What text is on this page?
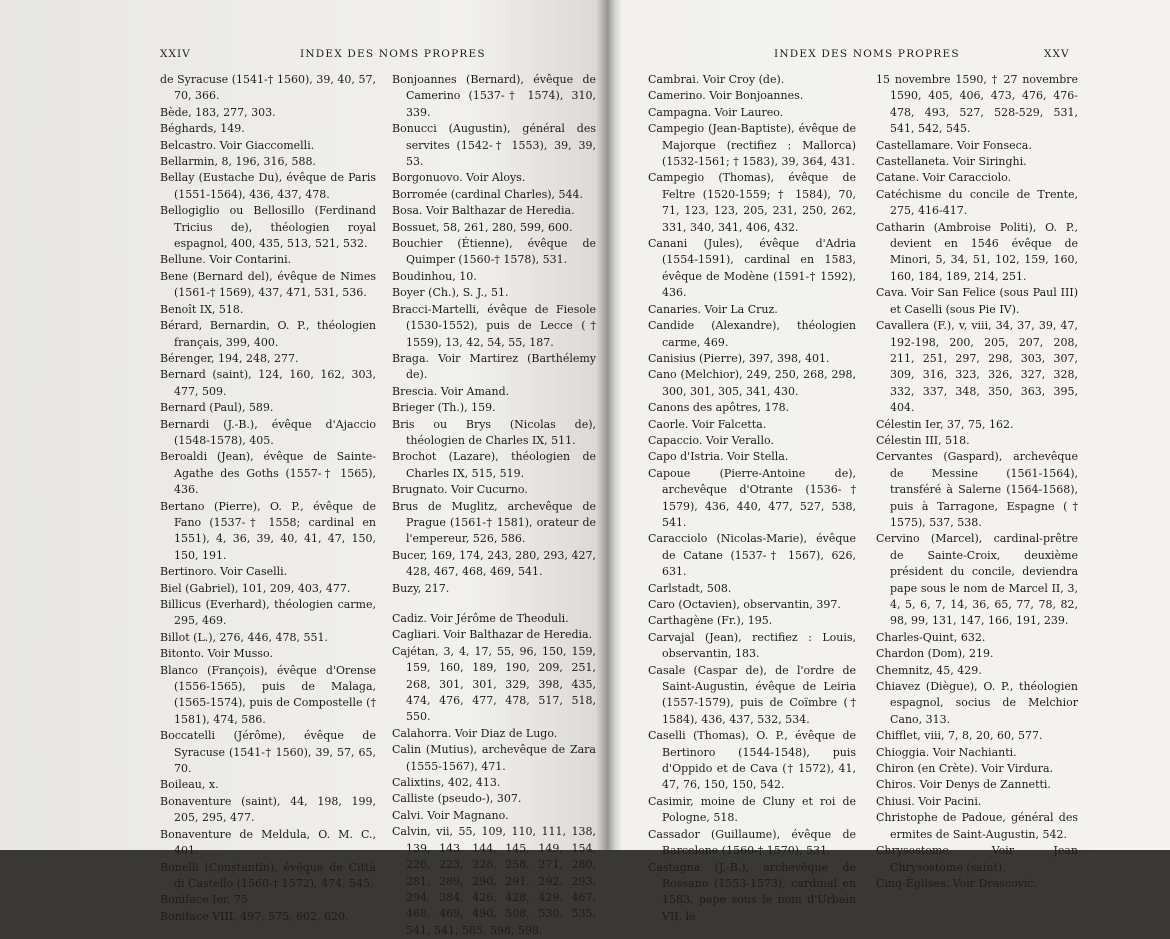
XXIV	INDEX DES NOMS PROPRES

de Syracuse (1541-† 1560), 39, 40, 57, 70, 366.

Bède, 183, 277, 303.

Béghards, 149.

Belcastro. Voir Giaccomelli.

Bellarmin, 8, 196, 316, 588.

Bellay (Eustache Du), évêque de Paris (1551-1564), 436, 437, 478.

Bellogiglio ou Bellosillo (Ferdinand Tricius de), théologien royal espagnol, 400, 435, 513, 521, 532.

Bellune. Voir Contarini.

Bene (Bernard del), évêque de Nimes (1561-† 1569), 437, 471, 531, 536.

Benoît IX, 518.

Bérard, Bernardin, O. P., théologien français, 399, 400.

Bérenger, 194, 248, 277.

Bernard (saint), 124, 160, 162, 303, 477, 509.

Bernard (Paul), 589.

Bernardi (J.-B.), évêque d'Ajaccio (1548-1578), 405.

Beroaldi (Jean), évêque de Sainte-Agathe des Goths (1557-† 1565), 436.

Bertano (Pierre), O. P., évêque de Fano (1537-† 1558; cardinal en 1551), 4, 36, 39, 40, 41, 47, 150, 150, 191.

Bertinoro. Voir Caselli.

Biel (Gabriel), 101, 209, 403, 477.

Billicus (Everhard), théologien carme, 295, 469.

Billot (L.), 276, 446, 478, 551.

Bitonto. Voir Musso.

Blanco (François), évêque d'Orense (1556-1565), puis de Malaga, (1565-1574), puis de Compostelle († 1581), 474, 586.

Boccatelli (Jérôme), évêque de Syracuse (1541-† 1560), 39, 57, 65, 70.

Boileau, x.

Bonaventure (saint), 44, 198, 199, 205, 295, 477.

Bonaventure de Meldula, O. M. C., 401.

Bonelli (Constantin), évêque de Città di Castello (1560-† 1572), 474, 545.

Boniface Ier, 75

Boniface VIII, 497, 575, 602, 620.

Bonjoannes (Bernard), évêque de Camerino (1537-† 1574), 310, 339.

Bonucci (Augustin), général des servites (1542-† 1553), 39, 39, 53.

Borgonuovo. Voir Aloys.

Borromée (cardinal Charles), 544.

Bosa. Voir Balthazar de Heredia.

Bossuet, 58, 261, 280, 599, 600.

Bouchier (Étienne), évêque de Quimper (1560-† 1578), 531.

Boudinhou, 10.

Boyer (Ch.), S. J., 51.

Bracci-Martelli, évêque de Fiesole (1530-1552), puis de Lecce († 1559), 13, 42, 54, 55, 187.

Braga. Voir Martirez (Barthélemy de).

Brescia. Voir Amand.

Brieger (Th.), 159.

Bris ou Brys (Nicolas de), théologien de Charles IX, 511.

Brochot (Lazare), théologien de Charles IX, 515, 519.

Brugnato. Voir Cucurno.

Brus de Muglitz, archevêque de Prague (1561-† 1581), orateur de l'empereur, 526, 586.

Bucer, 169, 174, 243, 280, 293, 427, 428, 467, 468, 469, 541.

Buzy, 217.

Cadiz. Voir Jérôme de Theoduli.

Cagliari. Voir Balthazar de Heredia.

Cajétan, 3, 4, 17, 55, 96, 150, 159, 159, 160, 189, 190, 209, 251, 268, 301, 301, 329, 398, 435, 474, 476, 477, 478, 517, 518, 550.

Calahorra. Voir Diaz de Lugo.

Calin (Mutius), archevêque de Zara (1555-1567), 471.

Calixtins, 402, 413.

Calliste (pseudo-), 307.

Calvi. Voir Magnano.

Calvin, vii, 55, 109, 110, 111, 138, 139, 143, 144, 145, 149, 154, 220, 223, 228, 258, 271, 280, 281, 289, 290, 291, 292, 293, 294, 384, 426, 428, 429, 467, 468, 469, 490, 508, 530, 535, 541, 541, 585, 598, 598.

INDEX DES NOMS PROPRES	XXV

Cambrai. Voir Croy (de).

Camerino. Voir Bonjoannes.

Campagna. Voir Laureo.

Campegio (Jean-Baptiste), évêque de Majorque (rectifiez : Mallorca) (1532-1561; † 1583), 39, 364, 431.

Campegio (Thomas), évêque de Feltre (1520-1559; † 1584), 70, 71, 123, 123, 205, 231, 250, 262, 331, 340, 341, 406, 432.

Canani (Jules), évêque d'Adria (1554-1591), cardinal en 1583, évêque de Modène (1591-† 1592), 436.

Canaries. Voir La Cruz.

Candide (Alexandre), théologien carme, 469.

Canisius (Pierre), 397, 398, 401.

Cano (Melchior), 249, 250, 268, 298, 300, 301, 305, 341, 430.

Canons des apôtres, 178.

Caorle. Voir Falcetta.

Capaccio. Voir Verallo.

Capo d'Istria. Voir Stella.

Capoue (Pierre-Antoine de), archevêque d'Otrante (1536-† 1579), 436, 440, 477, 527, 538, 541.

Caracciolo (Nicolas-Marie), évêque de Catane (1537-† 1567), 626, 631.

Carlstadt, 508.

Caro (Octavien), observantin, 397.

Carthagène (Fr.), 195.

Carvajal (Jean), rectifiez : Louis, observantin, 183.

Casale (Caspar de), de l'ordre de Saint-Augustin, évêque de Leiria (1557-1579), puis de Coïmbre († 1584), 436, 437, 532, 534.

Caselli (Thomas), O. P., évêque de Bertinoro (1544-1548), puis d'Oppido et de Cava († 1572), 41, 47, 76, 150, 150, 542.

Casimir, moine de Cluny et roi de Pologne, 518.

Cassador (Guillaume), évêque de Barcelone (1560-† 1570), 531.

Castagna (J.-B.), archevêque de Rossano (1553-1573), cardinal en 1583, pape sous le nom d'Urbain VII, le

15 novembre 1590, † 27 novembre 1590, 405, 406, 473, 476, 476-478, 493, 527, 528-529, 531, 541, 542, 545.

Castellamare. Voir Fonseca.

Castellaneta. Voir Siringhi.

Catane. Voir Caracciolo.

Catéchisme du concile de Trente, 275, 416-417.

Catharin (Ambroise Politi), O. P., devient en 1546 évêque de Minori, 5, 34, 51, 102, 159, 160, 160, 184, 189, 214, 251.

Cava. Voir San Felice (sous Paul III) et Caselli (sous Pie IV).

Cavallera (F.), v, viii, 34, 37, 39, 47, 192-198, 200, 205, 207, 208, 211, 251, 297, 298, 303, 307, 309, 316, 323, 326, 327, 328, 332, 337, 348, 350, 363, 395, 404.

Célestin Ier, 37, 75, 162.

Célestin III, 518.

Cervantes (Gaspard), archevêque de Messine (1561-1564), transféré à Salerne (1564-1568), puis à Tarragone, Espagne († 1575), 537, 538.

Cervino (Marcel), cardinal-prêtre de Sainte-Croix, deuxième président du concile, deviendra pape sous le nom de Marcel II, 3, 4, 5, 6, 7, 14, 36, 65, 77, 78, 82, 98, 99, 131, 147, 166, 191, 239.

Charles-Quint, 632.

Chardon (Dom), 219.

Chemnitz, 45, 429.

Chiavez (Diègue), O. P., théologien espagnol, socius de Melchior Cano, 313.

Chifflet, viii, 7, 8, 20, 60, 577.

Chioggia. Voir Nachianti.

Chiron (en Crète). Voir Virdura.

Chiros. Voir Denys de Zannetti.

Chiusi. Voir Pacini.

Christophe de Padoue, général des ermites de Saint-Augustin, 542.

Chrysostome. Voir Jean Chrysostome (saint).

Cinq-Églises. Voir Drascovic.
